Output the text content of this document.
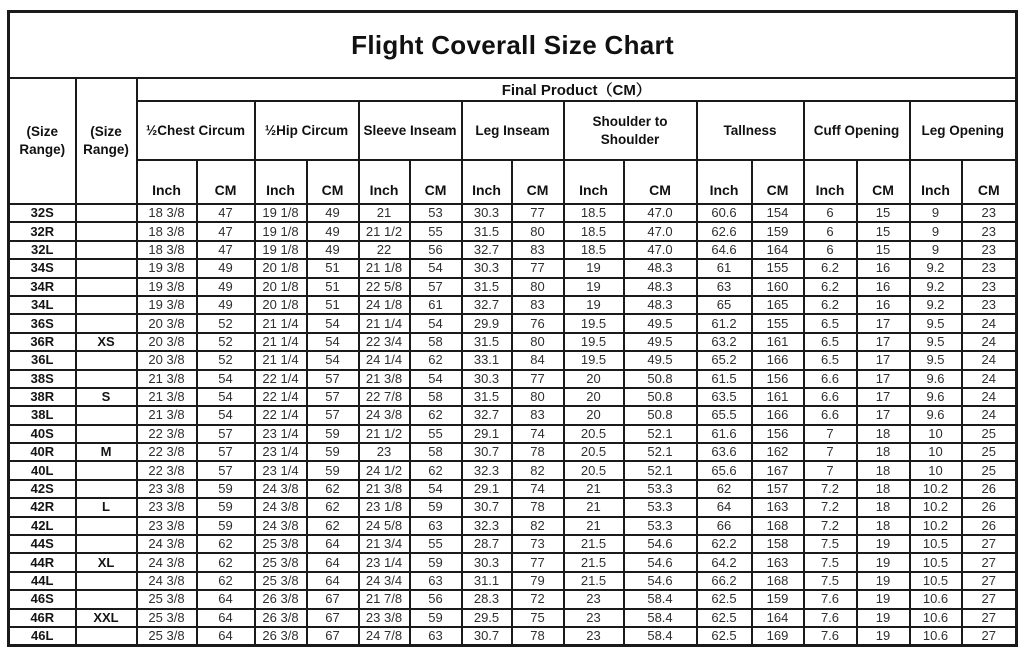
Flight Coverall Size Chart																	
(Size Range)	(Size Range)	Final Product（CM）															
		½Chest Circum		½Hip Circum		Sleeve Inseam		Leg Inseam		Shoulder to Shoulder		Tallness		Cuff Opening		Leg Opening	
		Inch	CM	Inch	CM	Inch	CM	Inch	CM	Inch	CM	Inch	CM	Inch	CM	Inch	CM
32S		18 3/8	47	19 1/8	49	21	53	30.3	77	18.5	47.0	60.6	154	6	15	9	23
32R		18 3/8	47	19 1/8	49	21 1/2	55	31.5	80	18.5	47.0	62.6	159	6	15	9	23
32L		18 3/8	47	19 1/8	49	22	56	32.7	83	18.5	47.0	64.6	164	6	15	9	23
34S		19 3/8	49	20 1/8	51	21 1/8	54	30.3	77	19	48.3	61	155	6.2	16	9.2	23
34R		19 3/8	49	20 1/8	51	22 5/8	57	31.5	80	19	48.3	63	160	6.2	16	9.2	23
34L		19 3/8	49	20 1/8	51	24 1/8	61	32.7	83	19	48.3	65	165	6.2	16	9.2	23
36S		20 3/8	52	21 1/4	54	21 1/4	54	29.9	76	19.5	49.5	61.2	155	6.5	17	9.5	24
36R	XS	20 3/8	52	21 1/4	54	22 3/4	58	31.5	80	19.5	49.5	63.2	161	6.5	17	9.5	24
36L		20 3/8	52	21 1/4	54	24 1/4	62	33.1	84	19.5	49.5	65.2	166	6.5	17	9.5	24
38S		21 3/8	54	22 1/4	57	21 3/8	54	30.3	77	20	50.8	61.5	156	6.6	17	9.6	24
38R	S	21 3/8	54	22 1/4	57	22 7/8	58	31.5	80	20	50.8	63.5	161	6.6	17	9.6	24
38L		21 3/8	54	22 1/4	57	24 3/8	62	32.7	83	20	50.8	65.5	166	6.6	17	9.6	24
40S		22 3/8	57	23 1/4	59	21 1/2	55	29.1	74	20.5	52.1	61.6	156	7	18	10	25
40R	M	22 3/8	57	23 1/4	59	23	58	30.7	78	20.5	52.1	63.6	162	7	18	10	25
40L		22 3/8	57	23 1/4	59	24 1/2	62	32.3	82	20.5	52.1	65.6	167	7	18	10	25
42S		23 3/8	59	24 3/8	62	21 3/8	54	29.1	74	21	53.3	62	157	7.2	18	10.2	26
42R	L	23 3/8	59	24 3/8	62	23 1/8	59	30.7	78	21	53.3	64	163	7.2	18	10.2	26
42L		23 3/8	59	24 3/8	62	24 5/8	63	32.3	82	21	53.3	66	168	7.2	18	10.2	26
44S		24 3/8	62	25 3/8	64	21 3/4	55	28.7	73	21.5	54.6	62.2	158	7.5	19	10.5	27
44R	XL	24 3/8	62	25 3/8	64	23 1/4	59	30.3	77	21.5	54.6	64.2	163	7.5	19	10.5	27
44L		24 3/8	62	25 3/8	64	24 3/4	63	31.1	79	21.5	54.6	66.2	168	7.5	19	10.5	27
46S		25 3/8	64	26 3/8	67	21 7/8	56	28.3	72	23	58.4	62.5	159	7.6	19	10.6	27
46R	XXL	25 3/8	64	26 3/8	67	23 3/8	59	29.5	75	23	58.4	62.5	164	7.6	19	10.6	27
46L		25 3/8	64	26 3/8	67	24 7/8	63	30.7	78	23	58.4	62.5	169	7.6	19	10.6	27
